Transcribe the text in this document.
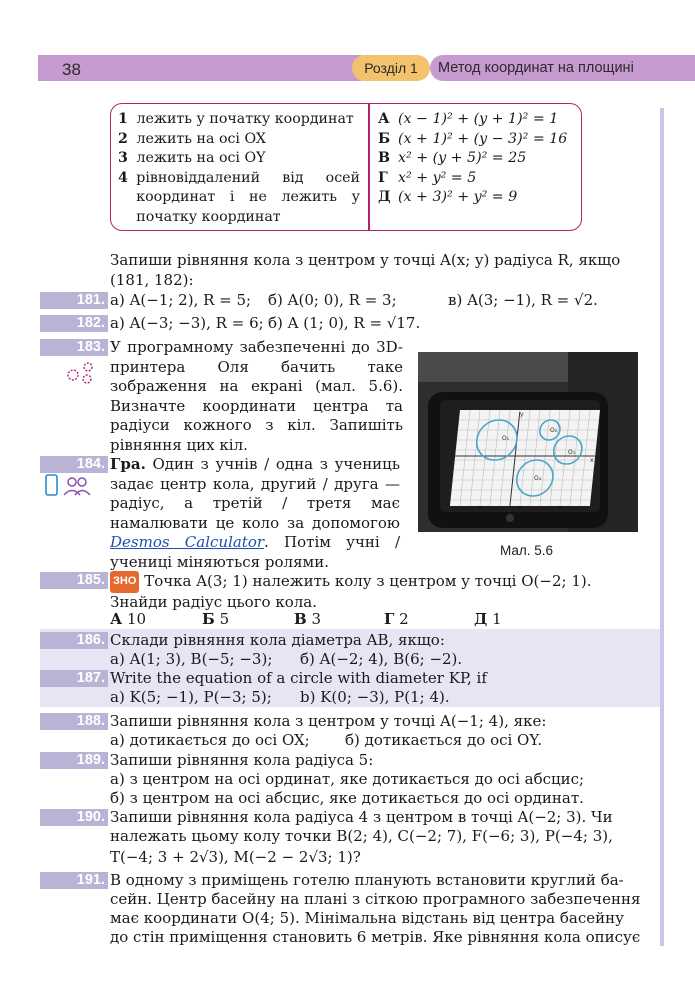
38	Розділ 1	Метод координат на площині
1 лежить у початку координат
2 лежить на осі OX
3 лежить на осі OY
4
рівновіддалений від осей координат і не лежить у початку координат
А (x − 1)² + (y + 1)² = 1
Б (x + 1)² + (y − 3)² = 16
В x² + (y + 5)² = 25
Г x² + y² = 5
Д (x + 3)² + y² = 9
Запиши рівняння кола з центром у точці A(x; y) радіуса R, якщо (181, 182):
181. а) A(−1; 2), R = 5; б) A(0; 0), R = 3;	в) A(3; −1), R = √2.
182. а) A(−3; −3), R = 6; б) A (1; 0), R = √17.
183. У програмному забезпеченні до 3D-принтера Оля бачить таке зображення на екрані (мал. 5.6). Визначте координати центра та радіуси кожного з кіл. Запишіть рівняння цих кіл.	O₁
O₂
O₃
O₄
y
x
Мал. 5.6
184. Гра. Один з учнів / одна з учениць задає центр кола, другий / друга — радіус, а третій / третя має намалювати це коло за допомогою Desmos Calculator. Потім учні / учениці міняються ролями.
185. ЗНО Точка A(3; 1) належить колу з центром у точці O(−2; 1). Знайди радіус цього кола.
А 10	Б 5	В 3	Г 2	Д 1
186. Склади рівняння кола діаметра AB, якщо:
а) A(1; 3), B(−5; −3); б) A(−2; 4), B(6; −2).
187. Write the equation of a circle with diameter KP, if
a) K(5; −1), P(−3; 5); b) K(0; −3), P(1; 4).
188. Запиши рівняння кола з центром у точці A(−1; 4), яке:
а) дотикається до осі OX; б) дотикається до осі OY.
189. Запиши рівняння кола радіуса 5:
а) з центром на осі ординат, яке дотикається до осі абсцис;
б) з центром на осі абсцис, яке дотикається до осі ординат.
190. Запиши рівняння кола радіуса 4 з центром в точці A(−2; 3). Чи
належать цьому колу точки B(2; 4), C(−2; 7), F(−6; 3), P(−4; 3),
T(−4; 3 + 2√3), M(−2 − 2√3; 1)?
191. В одному з приміщень готелю планують встановити круглий ба-
сейн. Центр басейну на плані з сіткою програмного забезпечення
має координати O(4; 5). Мінімальна відстань від центра басейну
до стін приміщення становить 6 метрів. Яке рівняння кола описує
